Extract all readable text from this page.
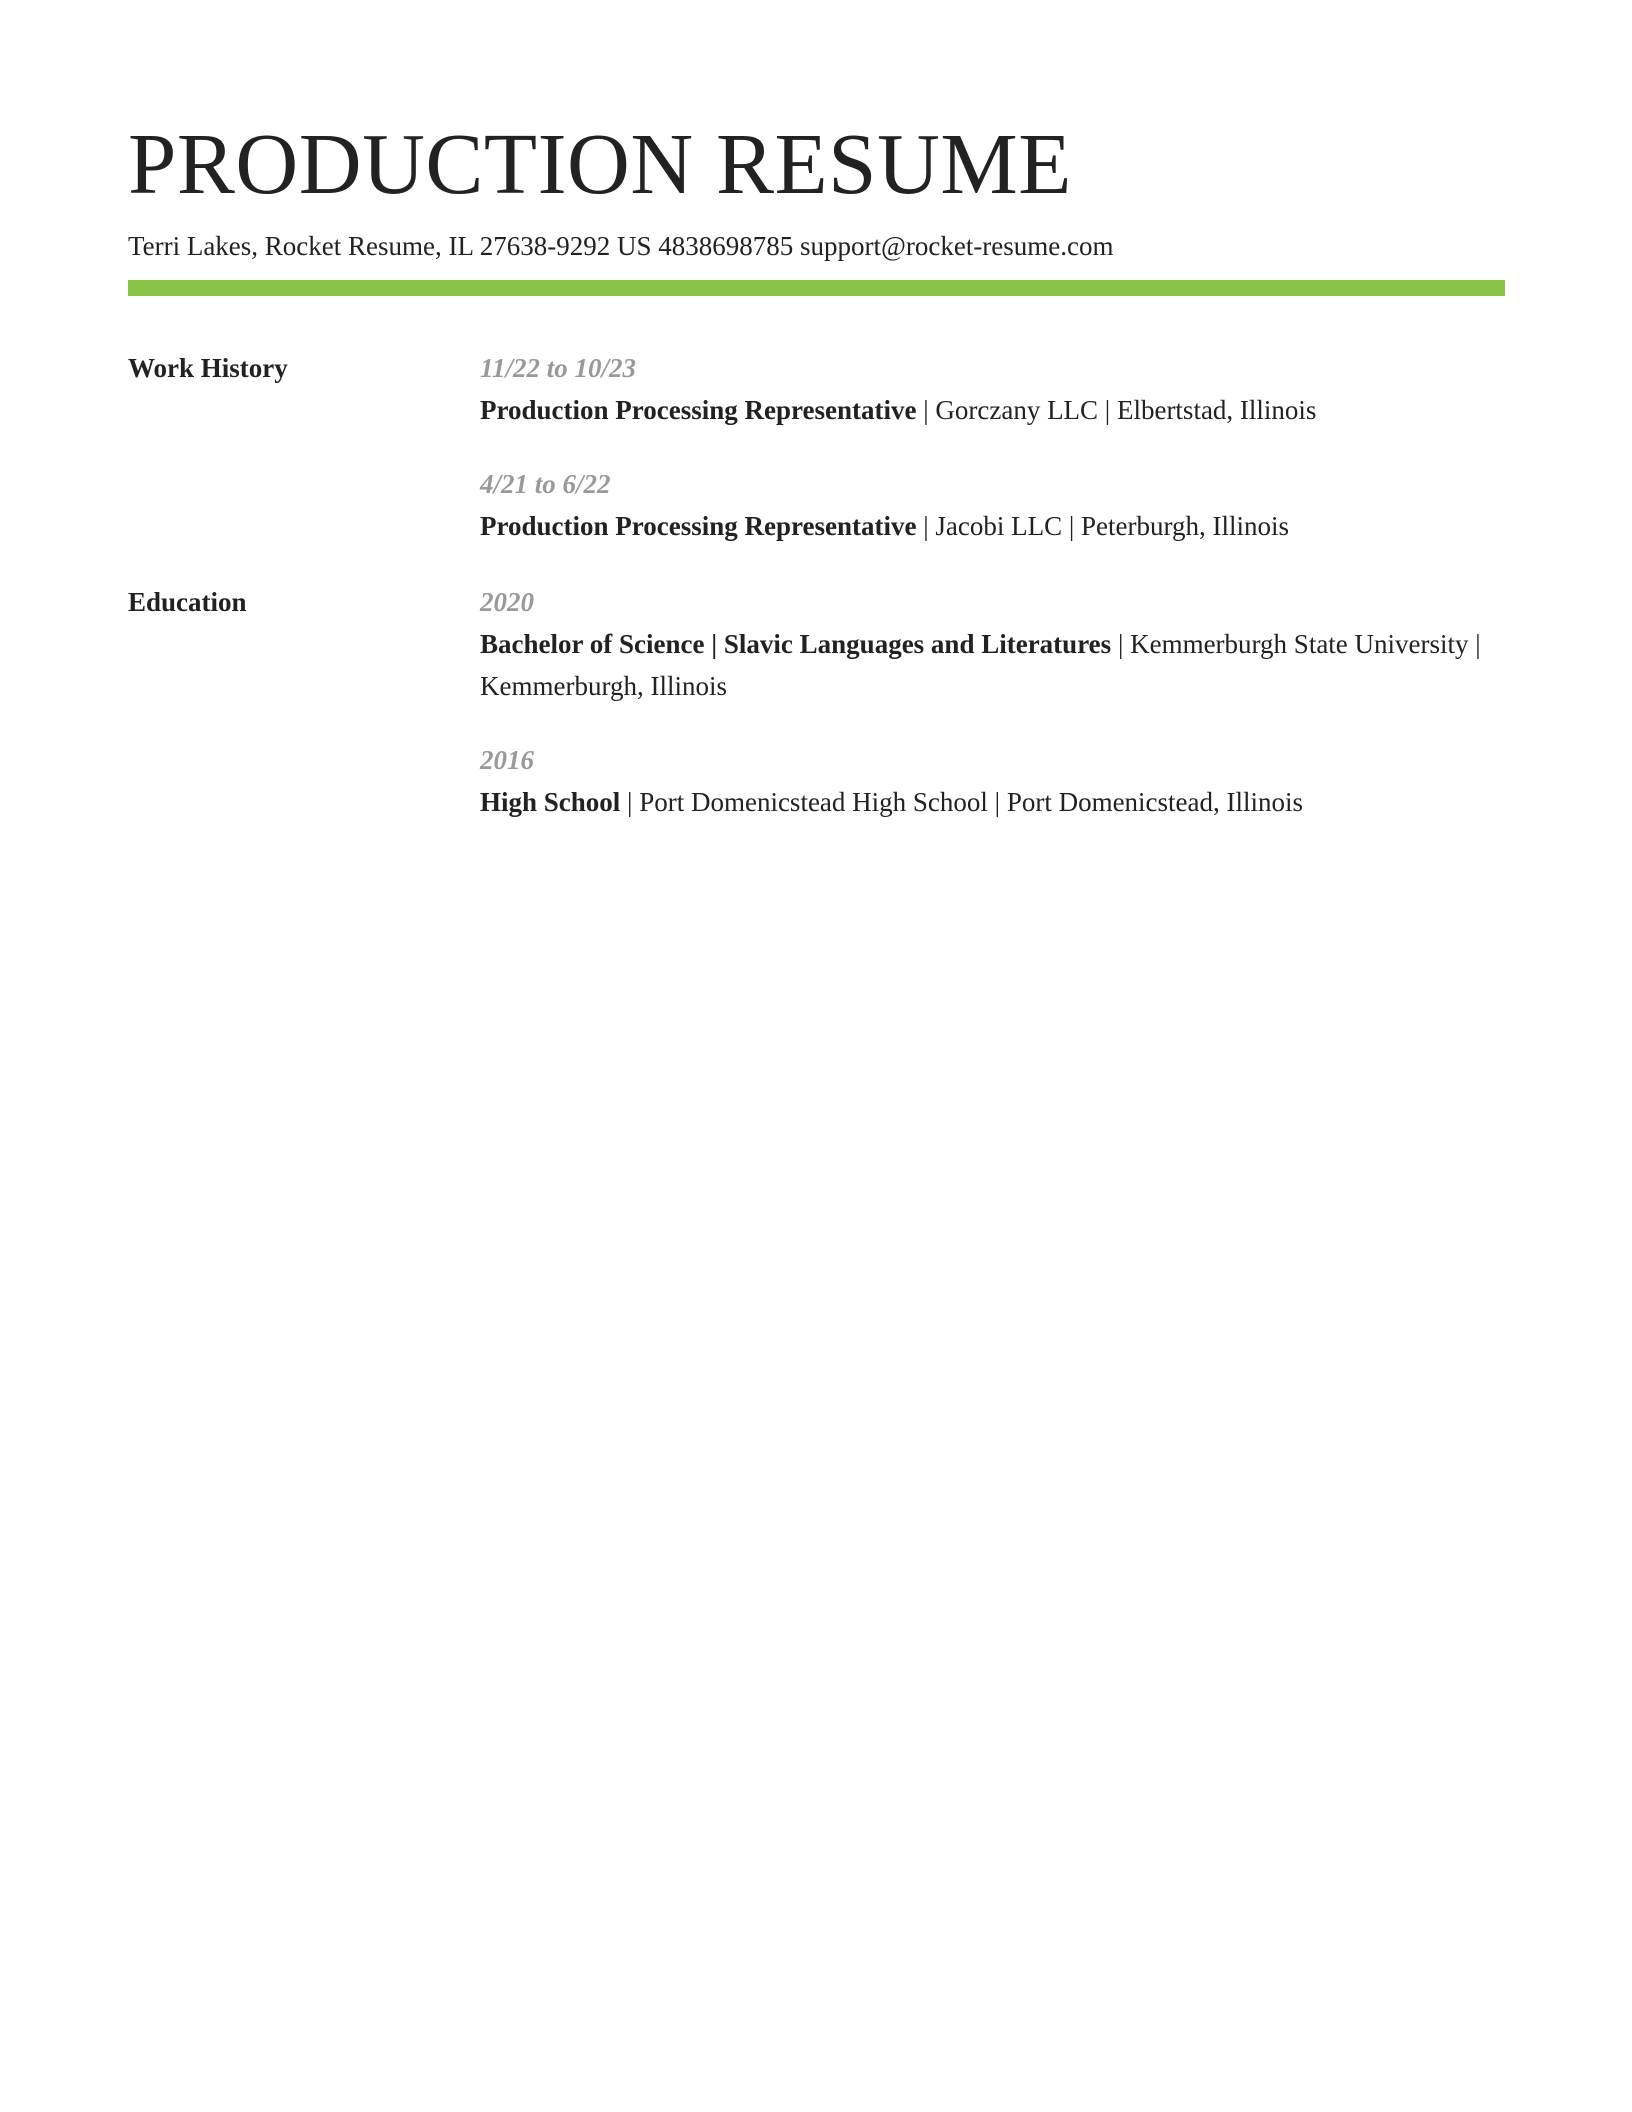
PRODUCTION RESUME
Terri Lakes, Rocket Resume, IL 27638-9292 US 4838698785 support@rocket-resume.com
Work History	11/22 to 10/23
Production Processing Representative | Gorczany LLC | Elbertstad, Illinois
4/21 to 6/22
Production Processing Representative | Jacobi LLC | Peterburgh, Illinois
Education	2020
Bachelor of Science | Slavic Languages and Literatures | Kemmerburgh State University | Kemmerburgh, Illinois
2016
High School | Port Domenicstead High School | Port Domenicstead, Illinois
